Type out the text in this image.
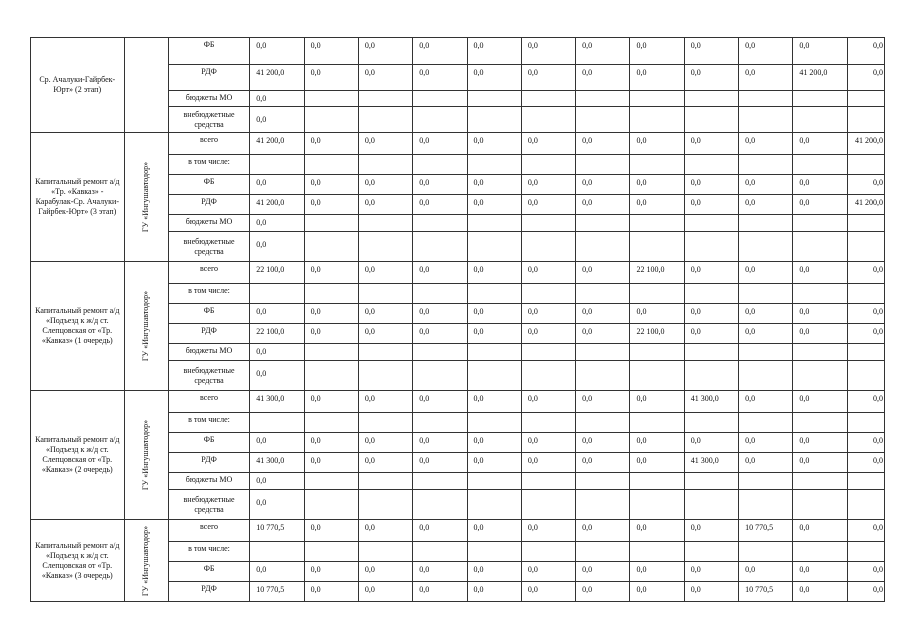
Ср. Ачалуки-Гайрбек-Юрт» (2 этап)		ФБ	0,0	0,0	0,0	0,0	0,0	0,0	0,0	0,0	0,0	0,0	0,0	0,0
		РДФ	41 200,0	0,0	0,0	0,0	0,0	0,0	0,0	0,0	0,0	0,0	41 200,0	0,0
		бюджеты МО	0,0											
		внебюджетные средства	0,0											
Капитальный ремонт а/д «Тр. «Кавказ» - Карабулак-Ср. Ачалуки-Гайрбек-Юрт» (3 этап)	ГУ «Ингушавтодор»	всего	41 200,0	0,0	0,0	0,0	0,0	0,0	0,0	0,0	0,0	0,0	0,0	41 200,0
		в том числе:												
		ФБ	0,0	0,0	0,0	0,0	0,0	0,0	0,0	0,0	0,0	0,0	0,0	0,0
		РДФ	41 200,0	0,0	0,0	0,0	0,0	0,0	0,0	0,0	0,0	0,0	0,0	41 200,0
		бюджеты МО	0,0											
		внебюджетные средства	0,0											
Капитальный ремонт а/д «Подъезд к ж/д ст. Слепцовская от «Тр. «Кавказ» (1 очередь)	ГУ «Ингушавтодор»	всего	22 100,0	0,0	0,0	0,0	0,0	0,0	0,0	22 100,0	0,0	0,0	0,0	0,0
		в том числе:												
		ФБ	0,0	0,0	0,0	0,0	0,0	0,0	0,0	0,0	0,0	0,0	0,0	0,0
		РДФ	22 100,0	0,0	0,0	0,0	0,0	0,0	0,0	22 100,0	0,0	0,0	0,0	0,0
		бюджеты МО	0,0											
		внебюджетные средства	0,0											
Капитальный ремонт а/д «Подъезд к ж/д ст. Слепцовская от «Тр. «Кавказ» (2 очередь)	ГУ «Ингушавтодор»	всего	41 300,0	0,0	0,0	0,0	0,0	0,0	0,0	0,0	41 300,0	0,0	0,0	0,0
		в том числе:												
		ФБ	0,0	0,0	0,0	0,0	0,0	0,0	0,0	0,0	0,0	0,0	0,0	0,0
		РДФ	41 300,0	0,0	0,0	0,0	0,0	0,0	0,0	0,0	41 300,0	0,0	0,0	0,0
		бюджеты МО	0,0											
		внебюджетные средства	0,0											
Капитальный ремонт а/д «Подъезд к ж/д ст. Слепцовская от «Тр. «Кавказ» (3 очередь)	ГУ «Ингушавтодор»	всего	10 770,5	0,0	0,0	0,0	0,0	0,0	0,0	0,0	0,0	10 770,5	0,0	0,0
		в том числе:												
		ФБ	0,0	0,0	0,0	0,0	0,0	0,0	0,0	0,0	0,0	0,0	0,0	0,0
		РДФ	10 770,5	0,0	0,0	0,0	0,0	0,0	0,0	0,0	0,0	10 770,5	0,0	0,0
